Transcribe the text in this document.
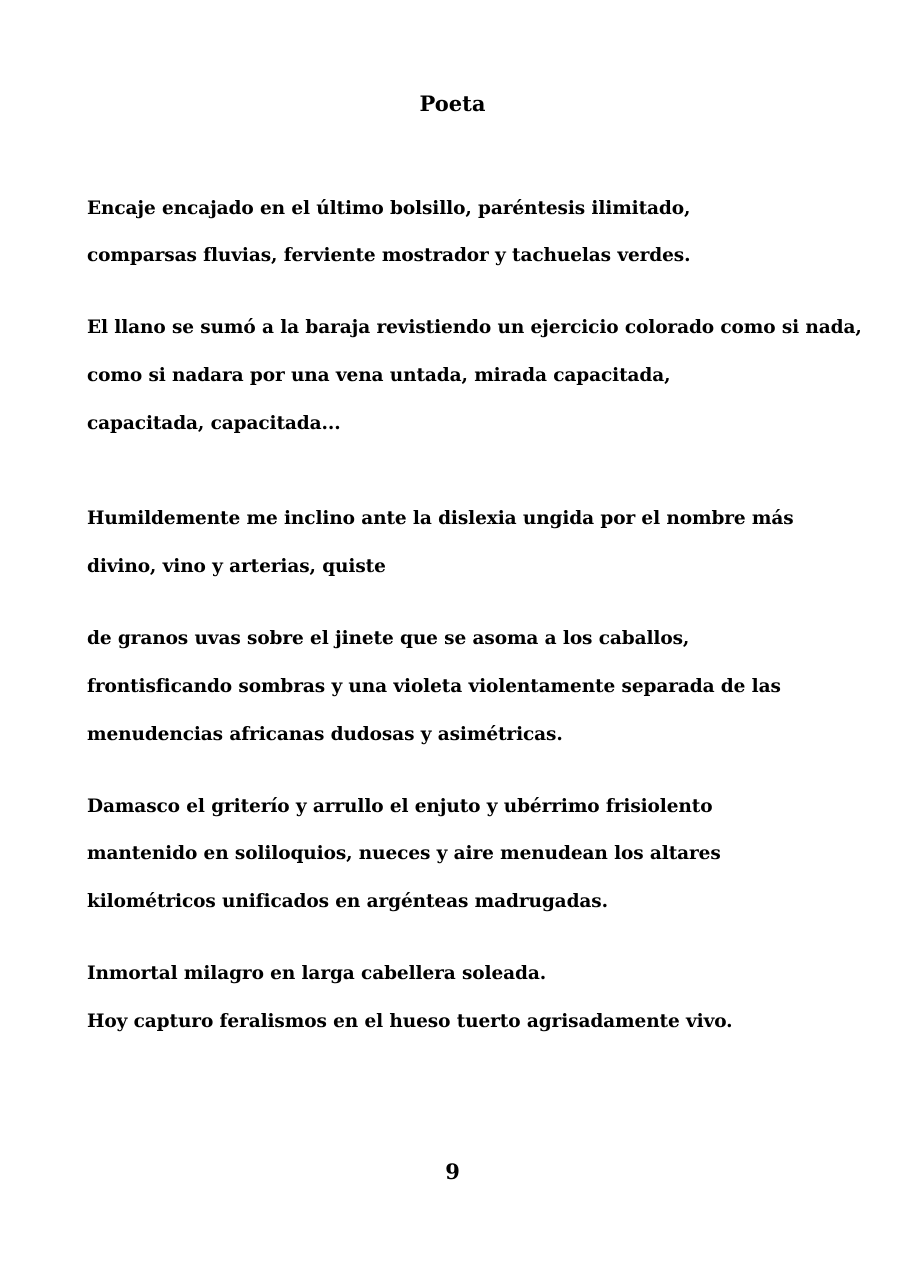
Poeta
Encaje encajado en el último bolsillo, paréntesis ilimitado,
comparsas fluvias, ferviente mostrador y tachuelas verdes.
El llano se sumó a la baraja revistiendo un ejercicio colorado como si nada,
como si nadara por una vena untada, mirada capacitada,
capacitada, capacitada...
Humildemente me inclino ante la dislexia ungida por el nombre más
divino, vino y arterias, quiste
de granos uvas sobre el jinete que se asoma a los caballos,
frontisficando sombras y una violeta violentamente separada de las
menudencias africanas dudosas y asimétricas.
Damasco el griterío y arrullo el enjuto y ubérrimo frisiolento
mantenido en soliloquios, nueces y aire menudean los altares
kilométricos unificados en argénteas madrugadas.
Inmortal milagro en larga cabellera soleada.
Hoy capturo feralismos en el hueso tuerto agrisadamente vivo.
9
